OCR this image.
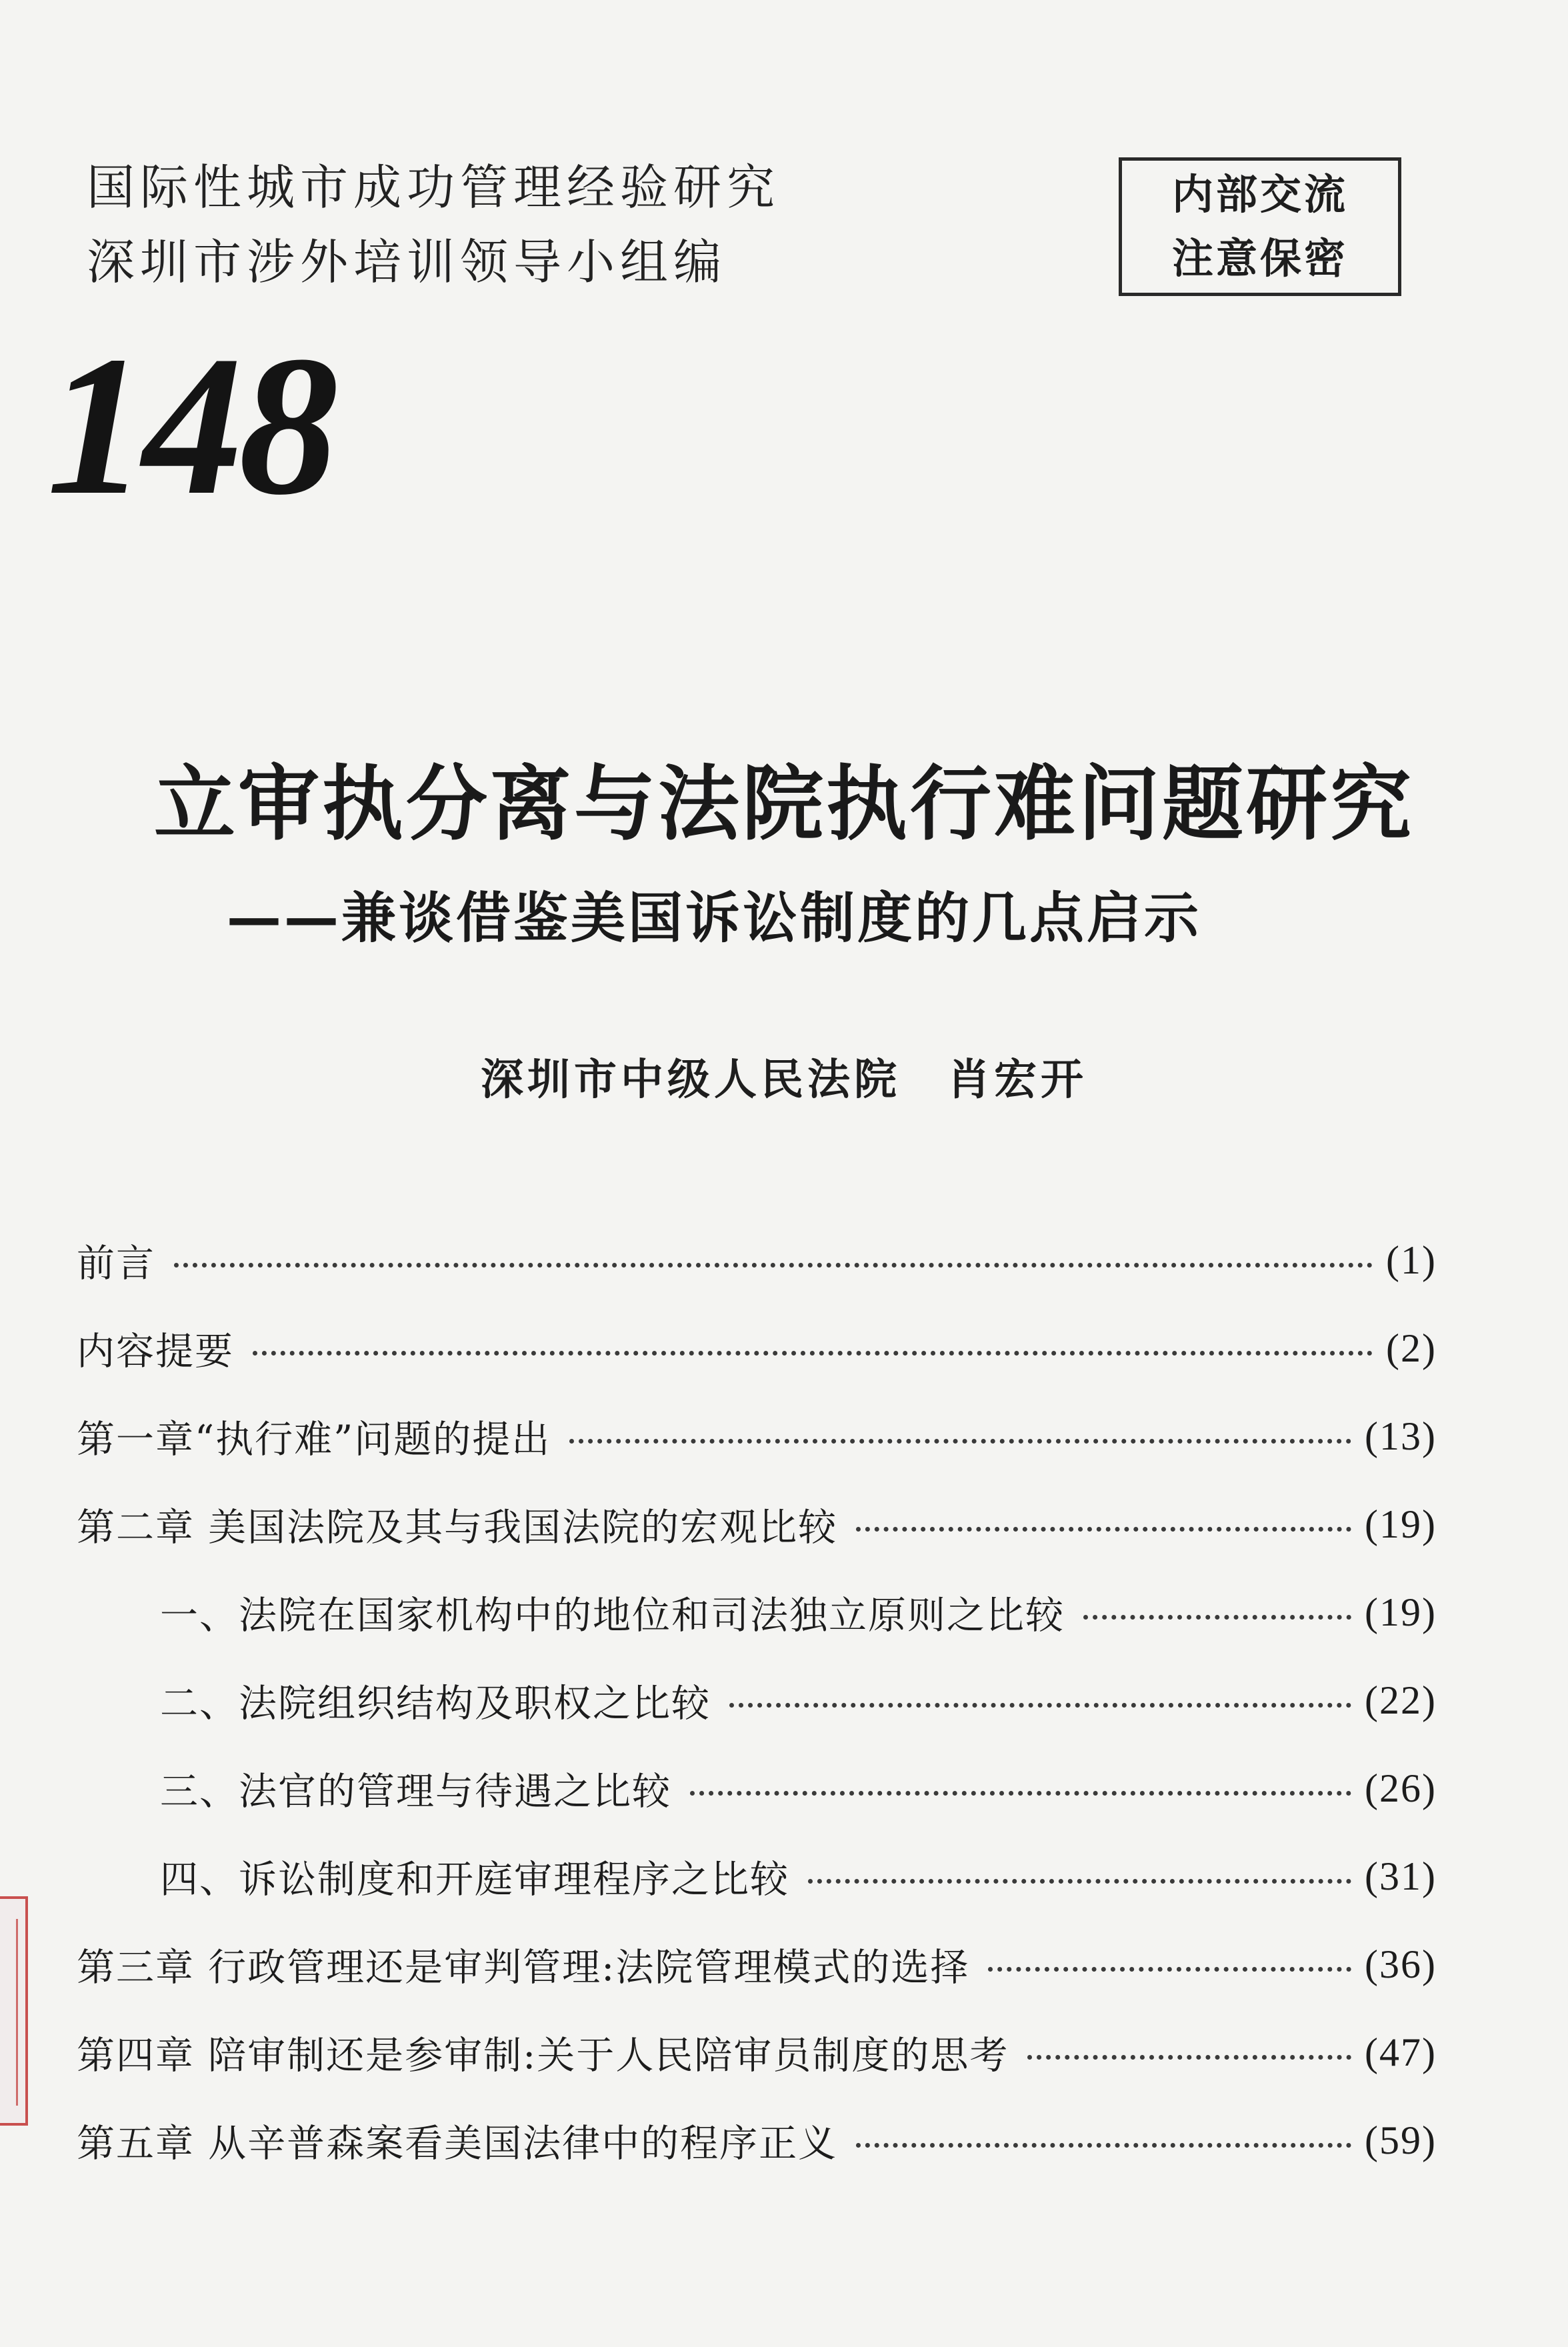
国际性城市成功管理经验研究
深圳市涉外培训领导小组编
内部交流
注意保密
148
立审执分离与法院执行难问题研究
——兼谈借鉴美国诉讼制度的几点启示
深圳市中级人民法院 肖宏开
前言	(1)
内容提要	(2)
第一章“执行难”问题的提出	(13)
第二章 美国法院及其与我国法院的宏观比较	(19)
一、法院在国家机构中的地位和司法独立原则之比较	(19)
二、法院组织结构及职权之比较	(22)
三、法官的管理与待遇之比较	(26)
四、诉讼制度和开庭审理程序之比较	(31)
第三章 行政管理还是审判管理:法院管理模式的选择	(36)
第四章 陪审制还是参审制:关于人民陪审员制度的思考	(47)
第五章 从辛普森案看美国法律中的程序正义	(59)
